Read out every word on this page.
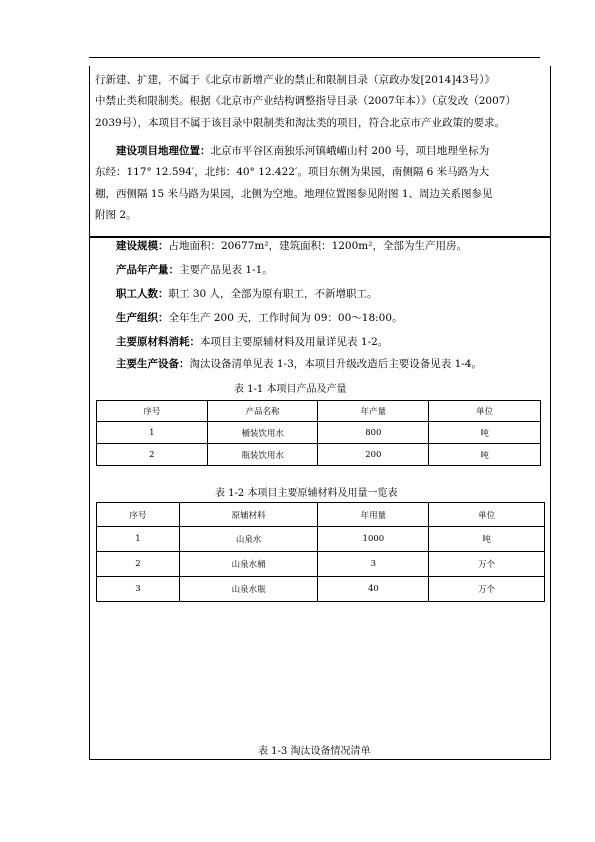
行新建、扩建，不属于《北京市新增产业的禁止和限制目录（京政办发[2014]43号）》
中禁止类和限制类。根据《北京市产业结构调整指导目录（2007年本）》（京发改（2007）
2039号），本项目不属于该目录中限制类和淘汰类的项目，符合北京市产业政策的要求。
建设项目地理位置：北京市平谷区南独乐河镇峨嵋山村 200 号，项目地理坐标为
东经：117° 12.594′，北纬：40° 12.422′。项目东侧为果园，南侧隔 6 米马路为大
棚，西侧隔 15 米马路为果园，北侧为空地。地理位置图参见附图 1、周边关系图参见
附图 2。
建设规模：占地面积：20677m²，建筑面积：1200m²，全部为生产用房。
产品年产量：主要产品见表 1-1。
职工人数：职工 30 人，全部为原有职工，不新增职工。
生产组织：全年生产 200 天，工作时间为 09：00～18:00。
主要原材料消耗：本项目主要原辅材料及用量详见表 1-2。
主要生产设备：淘汰设备清单见表 1-3，本项目升级改造后主要设备见表 1-4。
表 1-1 本项目产品及产量
序号	产品名称	年产量	单位
1	桶装饮用水	800	吨
2	瓶装饮用水	200	吨
表 1-2 本项目主要原辅材料及用量一览表
序号	原辅材料	年用量	单位
1	山泉水	1000	吨
2	山泉水桶	3	万个
3	山泉水瓶	40	万个
表 1-3 淘汰设备情况清单
